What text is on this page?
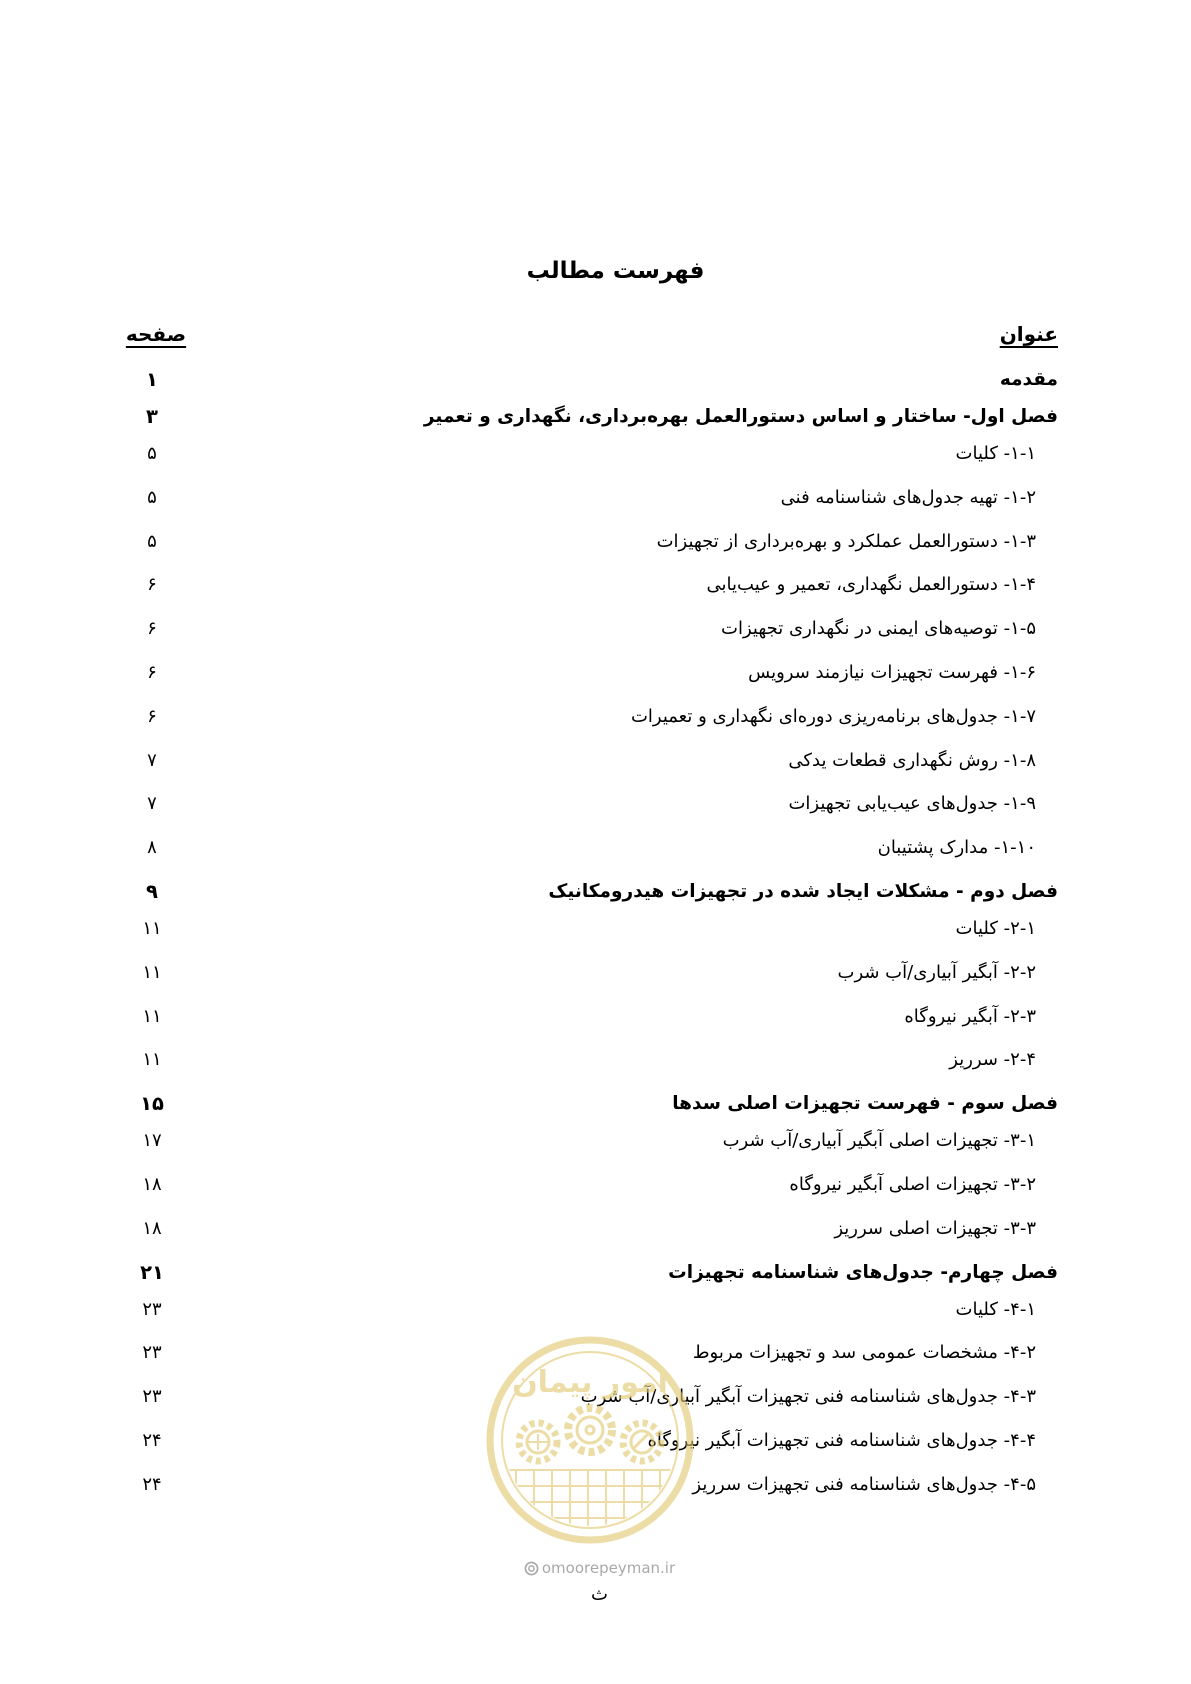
فهرست مطالب
عنوان
صفحه
مقدمه
۱
فصل اول- ساختار و اساس دستورالعمل بهره‌برداری، نگهداری و تعمیر
۳
۱-۱- کلیات
۵
۱-۲- تهیه جدول‌های شناسنامه فنی
۵
۱-۳- دستورالعمل عملکرد و بهره‌برداری از تجهیزات
۵
۱-۴- دستورالعمل نگهداری، تعمیر و عیب‌یابی
۶
۱-۵- توصیه‌های ایمنی در نگهداری تجهیزات
۶
۱-۶- فهرست تجهیزات نیازمند سرویس
۶
۱-۷- جدول‌های برنامه‌ریزی دوره‌ای نگهداری و تعمیرات
۶
۱-۸- روش نگهداری قطعات یدکی
۷
۱-۹- جدول‌های عیب‌یابی تجهیزات
۷
۱-۱۰- مدارک پشتیبان
۸
فصل دوم - مشکلات ایجاد شده در تجهیزات هیدرومکانیک
۹
۲-۱- کلیات
۱۱
۲-۲- آبگیر آبیاری/آب شرب
۱۱
۲-۳- آبگیر نیروگاه
۱۱
۲-۴- سرریز
۱۱
فصل سوم - فهرست تجهیزات اصلی سدها
۱۵
۳-۱- تجهیزات اصلی آبگیر آبیاری/آب شرب
۱۷
۳-۲- تجهیزات اصلی آبگیر نیروگاه
۱۸
۳-۳- تجهیزات اصلی سرریز
۱۸
فصل چهارم- جدول‌های شناسنامه تجهیزات
۲۱
۴-۱- کلیات
۲۳
۴-۲- مشخصات عمومی سد و تجهیزات مربوط
۲۳
۴-۳- جدول‌های شناسنامه فنی تجهیزات آبگیر آبیاری/آب شرب
۲۳
۴-۴- جدول‌های شناسنامه فنی تجهیزات آبگیر نیروگاه
۲۴
۴-۵- جدول‌های شناسنامه فنی تجهیزات سرریز
۲۴
امور پیمان
omoorepeyman.ir
ث
